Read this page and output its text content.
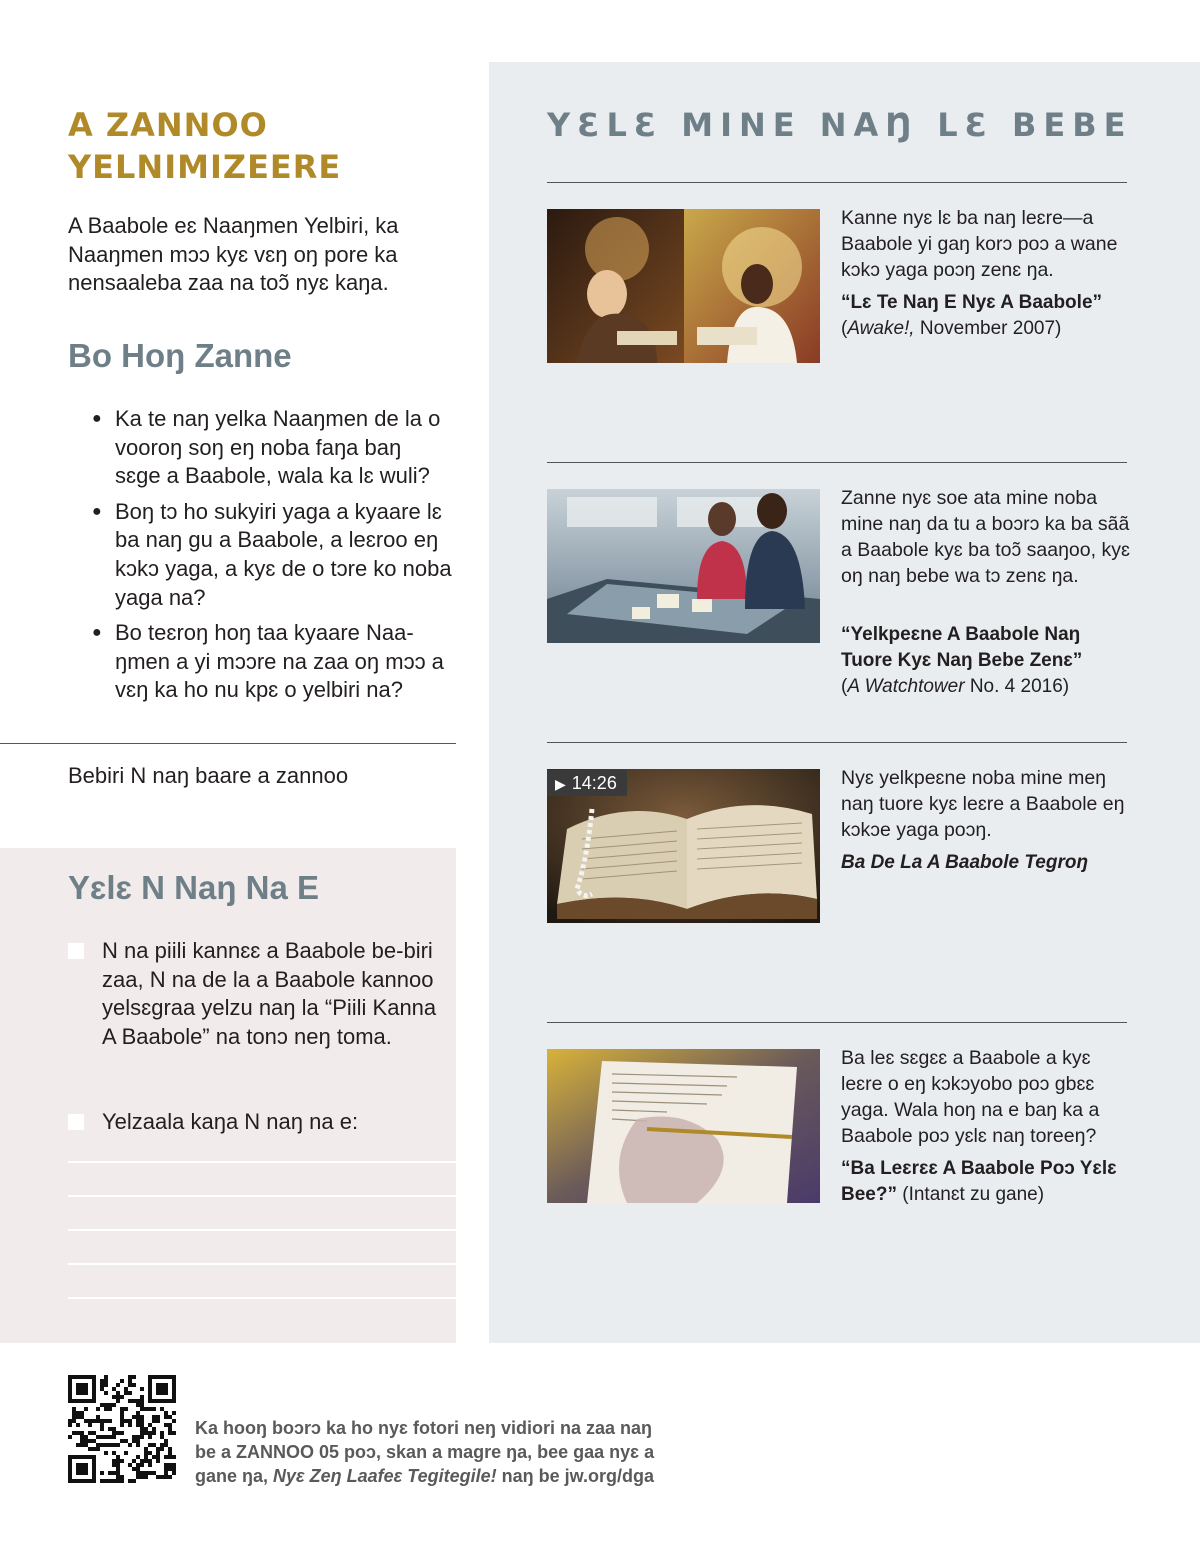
A ZANNOO YELNIMIZEERE

A Baabole eɛ Naaŋmen Yelbiri, ka Naaŋmen mɔɔ kyɛ vɛŋ oŋ pore ka nensaaleba zaa na toɔ̃ nyɛ kaŋa.

Bo Hoŋ Zanne
● Ka te naŋ yelka Naaŋmen de la o vooroŋ soŋ eŋ noba faŋa baŋ sɛge a Baabole, wala ka lɛ wuli?
● Boŋ tɔ ho sukyiri yaga a kyaare lɛ ba naŋ gu a Baabole, a leɛroo eŋ kɔkɔ yaga, a kyɛ de o tɔre ko noba yaga na?
● Bo teɛroŋ hoŋ taa kyaare Naa-ŋmen a yi mɔɔre na zaa oŋ mɔɔ a vɛŋ ka ho nu kpɛ o yelbiri na?

Bebiri N naŋ baare a zannoo

Yɛlɛ N Naŋ Na E
N na piili kannɛɛ a Baabole be-biri zaa, N na de la a Baabole kannoo yelsɛgraa yelzu naŋ la “Piili Kanna A Baabole” na tonɔ neŋ toma.
Yelzaala kaŋa N naŋ na e:
YƐLƐ MINE NAŊ LƐ BEBE

Kanne nyɛ lɛ ba naŋ leɛre—a Baabole yi gaŋ korɔ poɔ a wane kɔkɔ yaga poɔŋ zenɛ ŋa.

“Lɛ Te Naŋ E Nyɛ A Baabole”
(Awake!, November 2007)

Zanne nyɛ soe ata mine noba mine naŋ da tu a boɔrɔ ka ba sãã a Baabole kyɛ ba toɔ̃ saaŋoo, kyɛ oŋ naŋ bebe wa tɔ zenɛ ŋa.

“Yelkpeɛne A Baabole Naŋ Tuore Kyɛ Naŋ Bebe Zenɛ”
(A Watchtower No. 4 2016)

▶ 14:26	Nyɛ yelkpeɛne noba mine meŋ naŋ tuore kyɛ leɛre a Baabole eŋ kɔkɔe yaga poɔŋ.

Ba De La A Baabole Tegroŋ

Ba leɛ sɛgɛɛ a Baabole a kyɛ leɛre o eŋ kɔkɔyobo poɔ gbɛɛ yaga. Wala hoŋ na e baŋ ka a Baabole poɔ yɛlɛ naŋ toreeŋ?

“Ba Leɛrɛɛ A Baabole Poɔ Yɛlɛ Bee?” (Intanɛt zu gane)

Ka hooŋ boɔrɔ ka ho nyɛ fotori neŋ vidiori na zaa naŋ be a ZANNOO 05 poɔ, skan a magre ŋa, bee gaa nyɛ a gane ŋa, Nyɛ Zeŋ Laafeɛ Tegitegile! naŋ be jw.org/dga
